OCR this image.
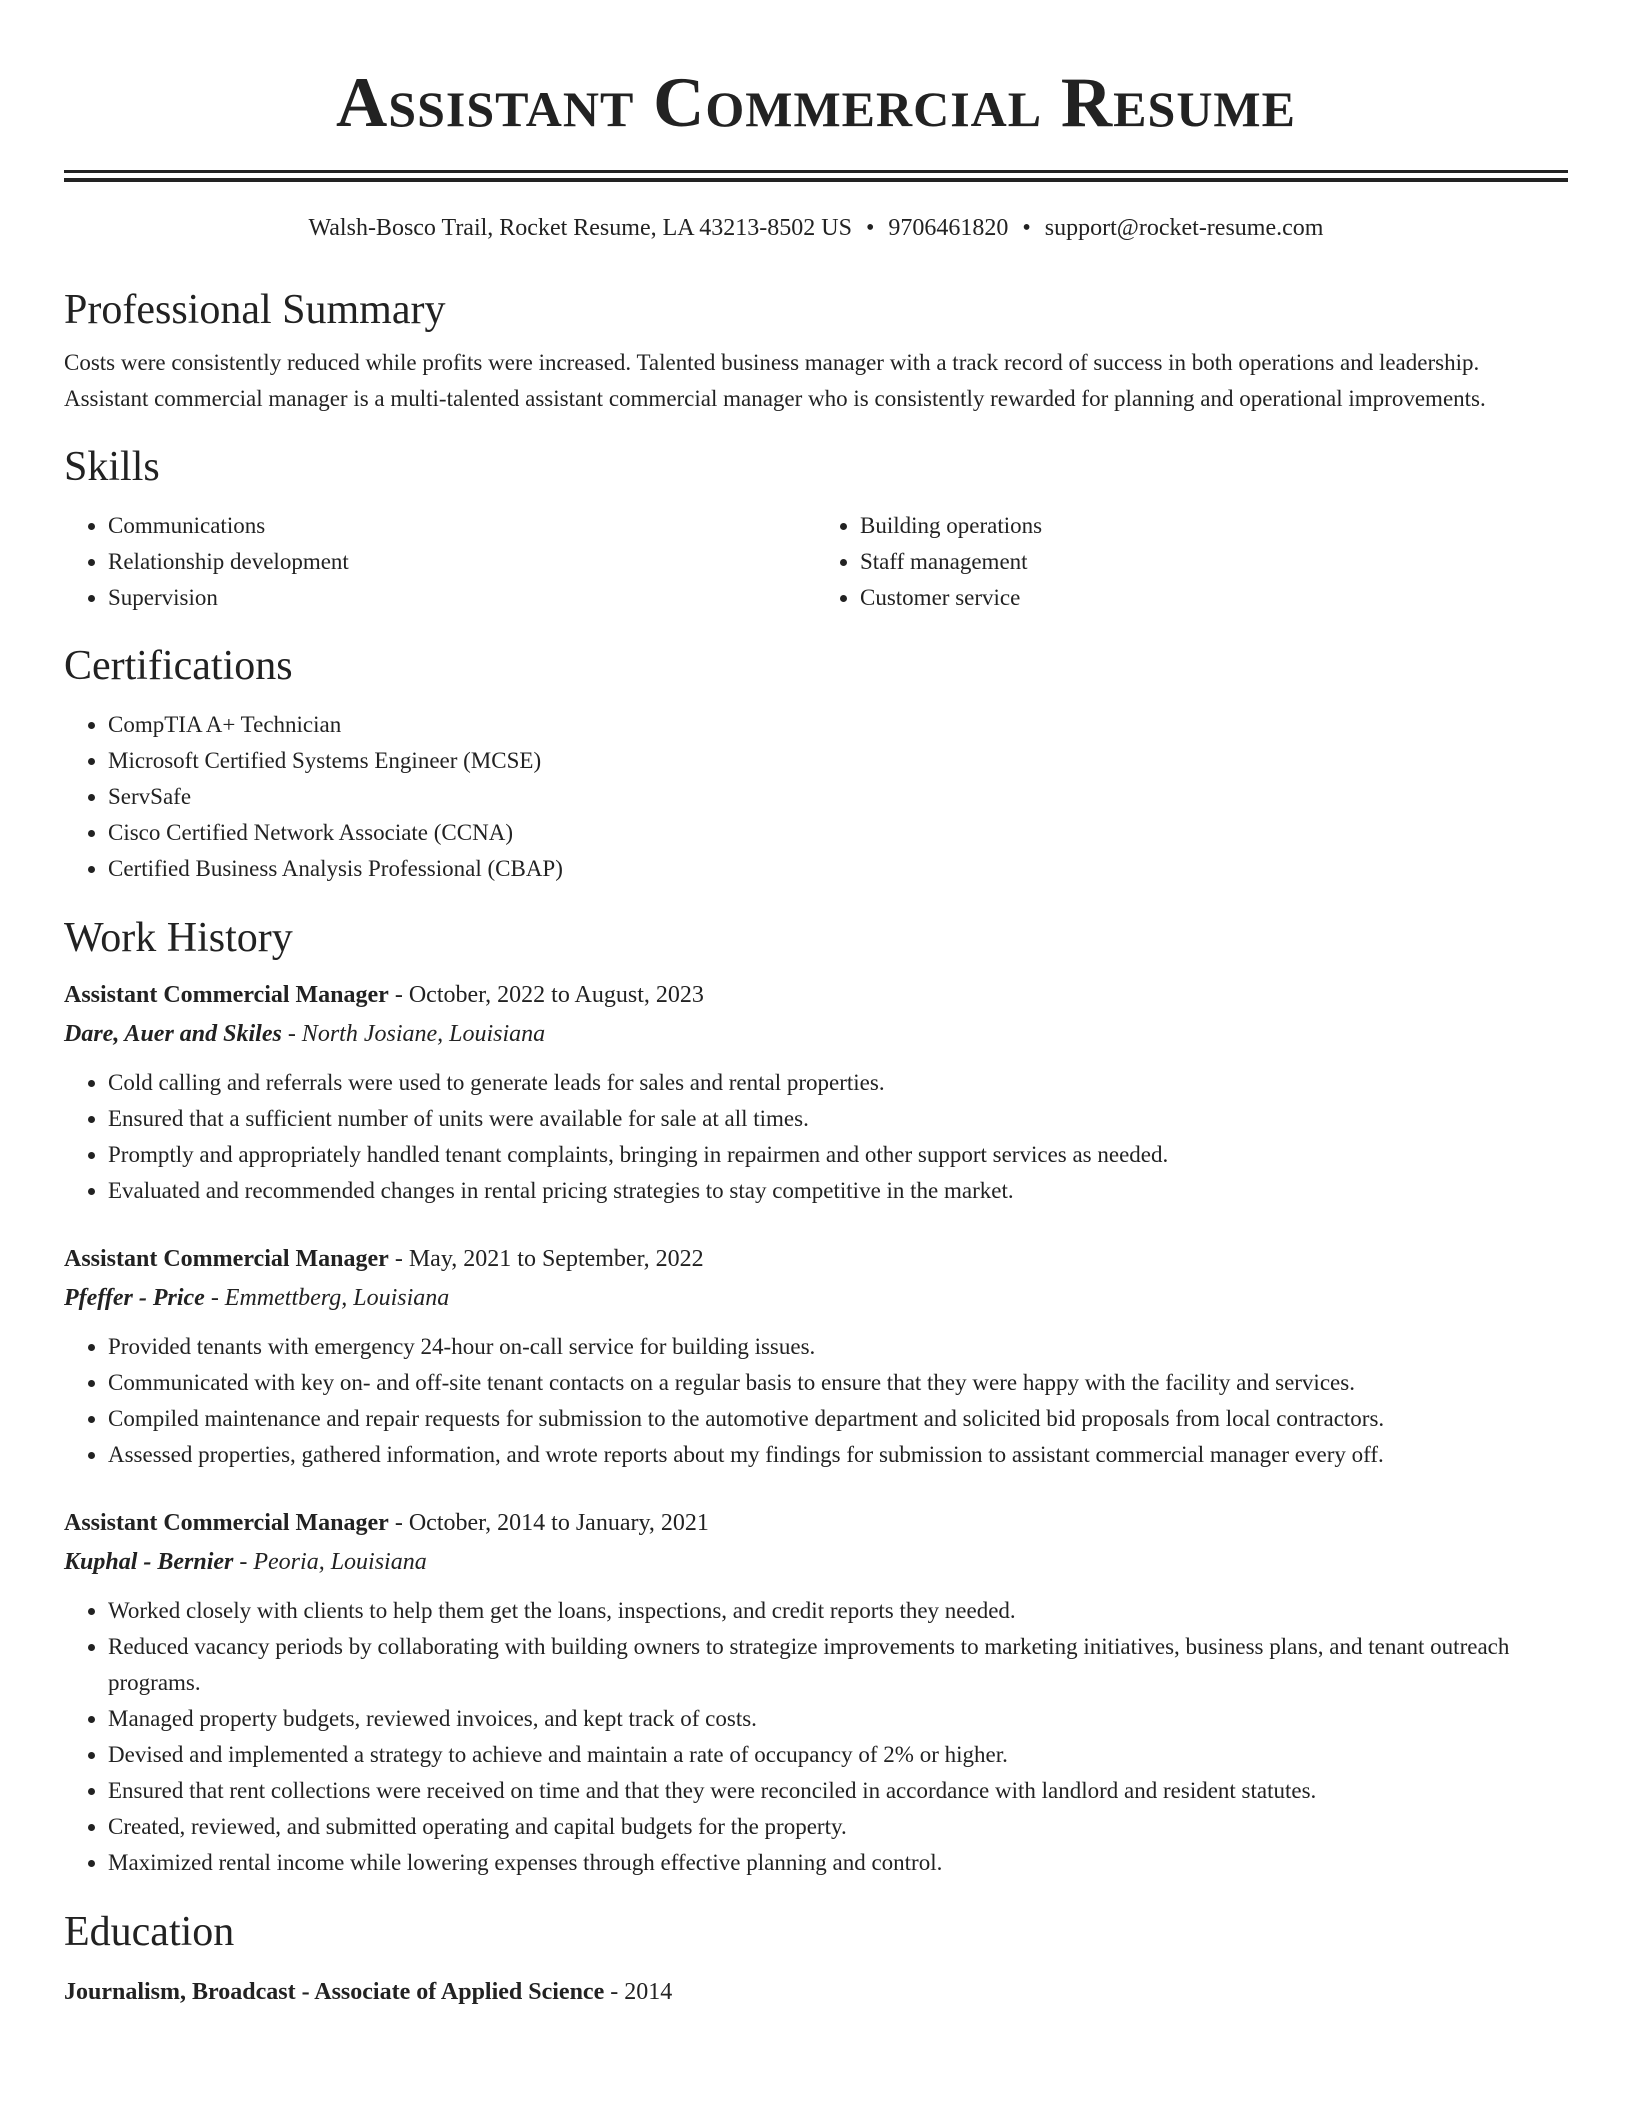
Assistant Commercial Resume
Walsh-Bosco Trail, Rocket Resume, LA 43213-8502 US • 9706461820 • support@rocket-resume.com
Professional Summary
Costs were consistently reduced while profits were increased. Talented business manager with a track record of success in both operations and leadership. Assistant commercial manager is a multi-talented assistant commercial manager who is consistently rewarded for planning and operational improvements.
Skills
• Communications
• Relationship development
• Supervision
• Building operations
• Staff management
• Customer service
Certifications
• CompTIA A+ Technician
• Microsoft Certified Systems Engineer (MCSE)
• ServSafe
• Cisco Certified Network Associate (CCNA)
• Certified Business Analysis Professional (CBAP)
Work History
Assistant Commercial Manager - October, 2022 to August, 2023
Dare, Auer and Skiles - North Josiane, Louisiana
• Cold calling and referrals were used to generate leads for sales and rental properties.
• Ensured that a sufficient number of units were available for sale at all times.
• Promptly and appropriately handled tenant complaints, bringing in repairmen and other support services as needed.
• Evaluated and recommended changes in rental pricing strategies to stay competitive in the market.
Assistant Commercial Manager - May, 2021 to September, 2022
Pfeffer - Price - Emmettberg, Louisiana
• Provided tenants with emergency 24-hour on-call service for building issues.
• Communicated with key on- and off-site tenant contacts on a regular basis to ensure that they were happy with the facility and services.
• Compiled maintenance and repair requests for submission to the automotive department and solicited bid proposals from local contractors.
• Assessed properties, gathered information, and wrote reports about my findings for submission to assistant commercial manager every off.
Assistant Commercial Manager - October, 2014 to January, 2021
Kuphal - Bernier - Peoria, Louisiana
• Worked closely with clients to help them get the loans, inspections, and credit reports they needed.
• Reduced vacancy periods by collaborating with building owners to strategize improvements to marketing initiatives, business plans, and tenant outreach programs.
• Managed property budgets, reviewed invoices, and kept track of costs.
• Devised and implemented a strategy to achieve and maintain a rate of occupancy of 2% or higher.
• Ensured that rent collections were received on time and that they were reconciled in accordance with landlord and resident statutes.
• Created, reviewed, and submitted operating and capital budgets for the property.
• Maximized rental income while lowering expenses through effective planning and control.
Education
Journalism, Broadcast - Associate of Applied Science - 2014
